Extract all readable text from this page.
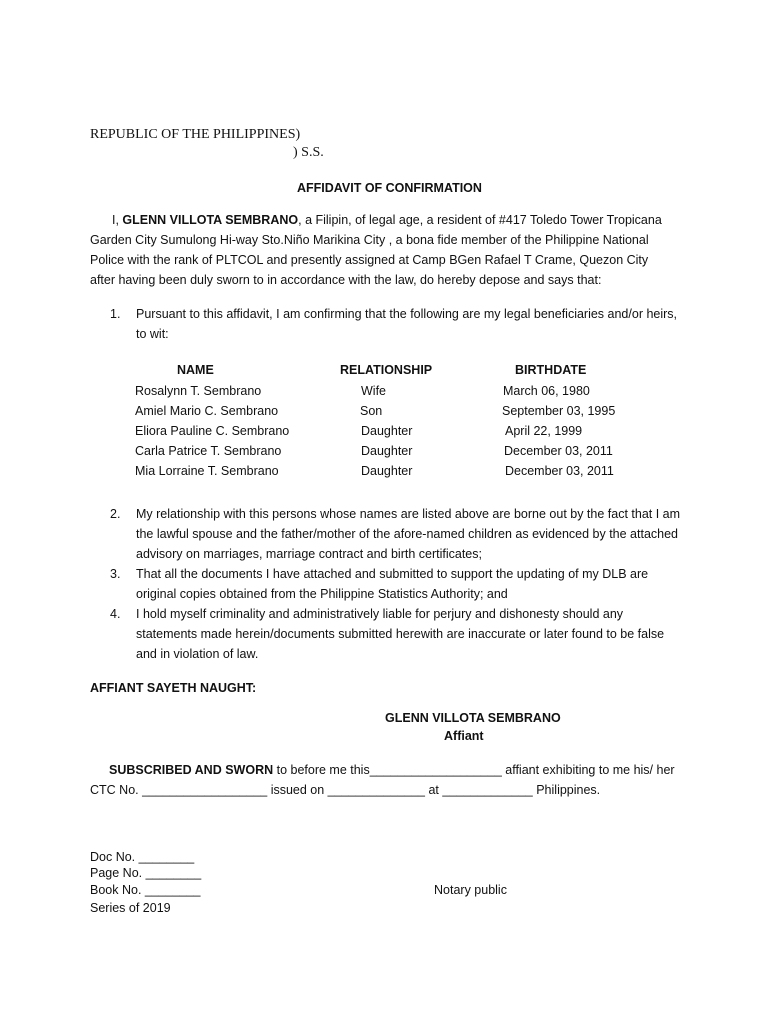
REPUBLIC OF THE PHILIPPINES)
) S.S.
AFFIDAVIT OF CONFIRMATION
I, GLENN VILLOTA SEMBRANO, a Filipin, of legal age, a resident of #417 Toledo Tower Tropicana Garden City Sumulong Hi-way Sto.Niño Marikina City , a bona fide member of the Philippine National Police with the rank of PLTCOL and presently assigned at Camp BGen Rafael T Crame, Quezon City after having been duly sworn to in accordance with the law, do hereby depose and says that:
1. Pursuant to this affidavit, I am confirming that the following are my legal beneficiaries and/or heirs, to wit:
NAME	RELATIONSHIP	BIRTHDATE
Rosalynn T. Sembrano	Wife	March 06, 1980
Amiel Mario C. Sembrano	Son	September 03, 1995
Eliora Pauline C. Sembrano	Daughter	April 22, 1999
Carla Patrice T. Sembrano	Daughter	December 03, 2011
Mia Lorraine T. Sembrano	Daughter	December 03, 2011
2. My relationship with this persons whose names are listed above are borne out by the fact that I am the lawful spouse and the father/mother of the afore-named children as evidenced by the attached advisory on marriages, marriage contract and birth certificates;
3. That all the documents I have attached and submitted to support the updating of my DLB are original copies obtained from the Philippine Statistics Authority; and
4. I hold myself criminality and administratively liable for perjury and dishonesty should any statements made herein/documents submitted herewith are inaccurate or later found to be false and in violation of law.
AFFIANT SAYETH NAUGHT:
GLENN VILLOTA SEMBRANO
Affiant
SUBSCRIBED AND SWORN to before me this___________________ affiant exhibiting to me his/ her
CTC No. __________________ issued on ______________ at _____________ Philippines.
Doc No. ________
Page No. ________
Book No. ________
Series of 2019
Notary public
